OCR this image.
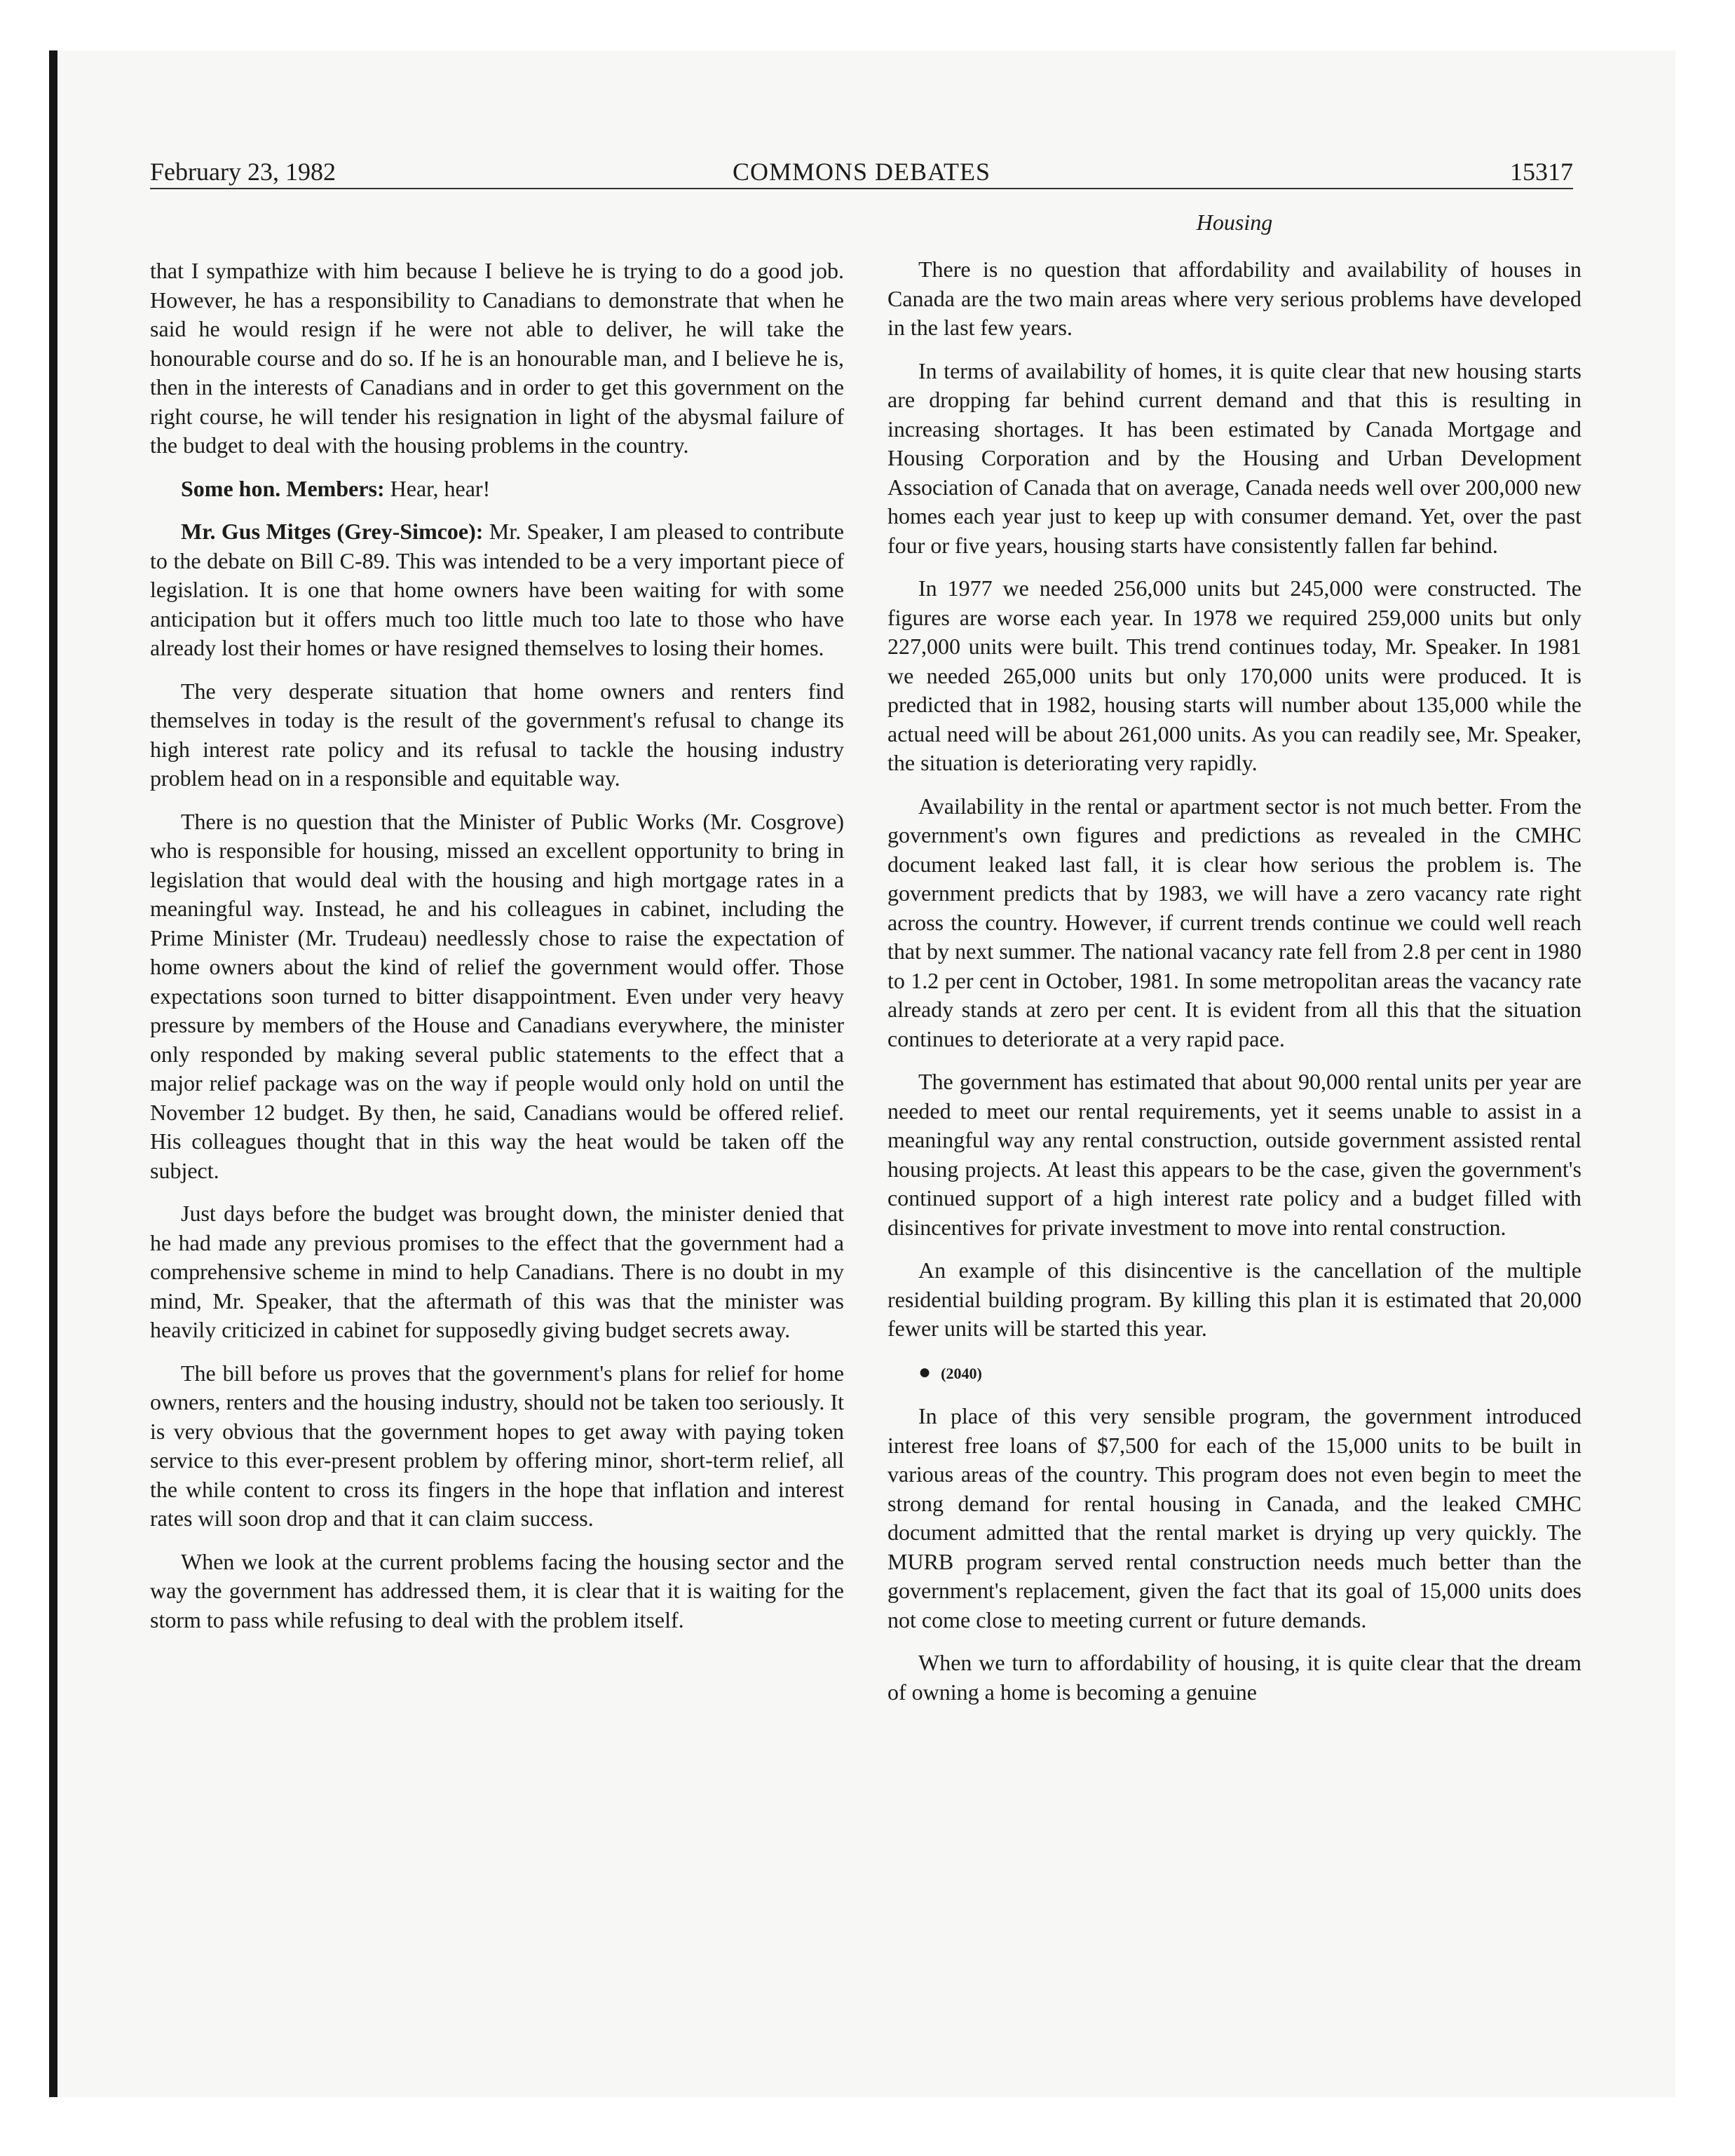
February 23, 1982	COMMONS DEBATES	15317
Housing

that I sympathize with him because I believe he is trying to do a good job. However, he has a responsibility to Canadians to demonstrate that when he said he would resign if he were not able to deliver, he will take the honourable course and do so. If he is an honourable man, and I believe he is, then in the interests of Canadians and in order to get this government on the right course, he will tender his resignation in light of the abysmal failure of the budget to deal with the housing problems in the country.

Some hon. Members: Hear, hear!

Mr. Gus Mitges (Grey-Simcoe): Mr. Speaker, I am pleased to contribute to the debate on Bill C-89. This was intended to be a very important piece of legislation. It is one that home owners have been waiting for with some anticipation but it offers much too little much too late to those who have already lost their homes or have resigned themselves to losing their homes.

The very desperate situation that home owners and renters find themselves in today is the result of the government's refusal to change its high interest rate policy and its refusal to tackle the housing industry problem head on in a responsible and equitable way.

There is no question that the Minister of Public Works (Mr. Cosgrove) who is responsible for housing, missed an excellent opportunity to bring in legislation that would deal with the housing and high mortgage rates in a meaningful way. Instead, he and his colleagues in cabinet, including the Prime Minister (Mr. Trudeau) needlessly chose to raise the expectation of home owners about the kind of relief the government would offer. Those expectations soon turned to bitter disappointment. Even under very heavy pressure by members of the House and Canadians everywhere, the minister only responded by making several public statements to the effect that a major relief package was on the way if people would only hold on until the November 12 budget. By then, he said, Canadians would be offered relief. His colleagues thought that in this way the heat would be taken off the subject.

Just days before the budget was brought down, the minister denied that he had made any previous promises to the effect that the government had a comprehensive scheme in mind to help Canadians. There is no doubt in my mind, Mr. Speaker, that the aftermath of this was that the minister was heavily criticized in cabinet for supposedly giving budget secrets away.

The bill before us proves that the government's plans for relief for home owners, renters and the housing industry, should not be taken too seriously. It is very obvious that the government hopes to get away with paying token service to this ever-present problem by offering minor, short-term relief, all the while content to cross its fingers in the hope that inflation and interest rates will soon drop and that it can claim success.

When we look at the current problems facing the housing sector and the way the government has addressed them, it is clear that it is waiting for the storm to pass while refusing to deal with the problem itself.

There is no question that affordability and availability of houses in Canada are the two main areas where very serious problems have developed in the last few years.

In terms of availability of homes, it is quite clear that new housing starts are dropping far behind current demand and that this is resulting in increasing shortages. It has been estimated by Canada Mortgage and Housing Corporation and by the Housing and Urban Development Association of Canada that on average, Canada needs well over 200,000 new homes each year just to keep up with consumer demand. Yet, over the past four or five years, housing starts have consistently fallen far behind.

In 1977 we needed 256,000 units but 245,000 were constructed. The figures are worse each year. In 1978 we required 259,000 units but only 227,000 units were built. This trend continues today, Mr. Speaker. In 1981 we needed 265,000 units but only 170,000 units were produced. It is predicted that in 1982, housing starts will number about 135,000 while the actual need will be about 261,000 units. As you can readily see, Mr. Speaker, the situation is deteriorating very rapidly.

Availability in the rental or apartment sector is not much better. From the government's own figures and predictions as revealed in the CMHC document leaked last fall, it is clear how serious the problem is. The government predicts that by 1983, we will have a zero vacancy rate right across the country. However, if current trends continue we could well reach that by next summer. The national vacancy rate fell from 2.8 per cent in 1980 to 1.2 per cent in October, 1981. In some metropolitan areas the vacancy rate already stands at zero per cent. It is evident from all this that the situation continues to deteriorate at a very rapid pace.

The government has estimated that about 90,000 rental units per year are needed to meet our rental requirements, yet it seems unable to assist in a meaningful way any rental construction, outside government assisted rental housing projects. At least this appears to be the case, given the government's continued support of a high interest rate policy and a budget filled with disincentives for private investment to move into rental construction.

An example of this disincentive is the cancellation of the multiple residential building program. By killing this plan it is estimated that 20,000 fewer units will be started this year.

● (2040)

In place of this very sensible program, the government introduced interest free loans of $7,500 for each of the 15,000 units to be built in various areas of the country. This program does not even begin to meet the strong demand for rental housing in Canada, and the leaked CMHC document admitted that the rental market is drying up very quickly. The MURB program served rental construction needs much better than the government's replacement, given the fact that its goal of 15,000 units does not come close to meeting current or future demands.

When we turn to affordability of housing, it is quite clear that the dream of owning a home is becoming a genuine
